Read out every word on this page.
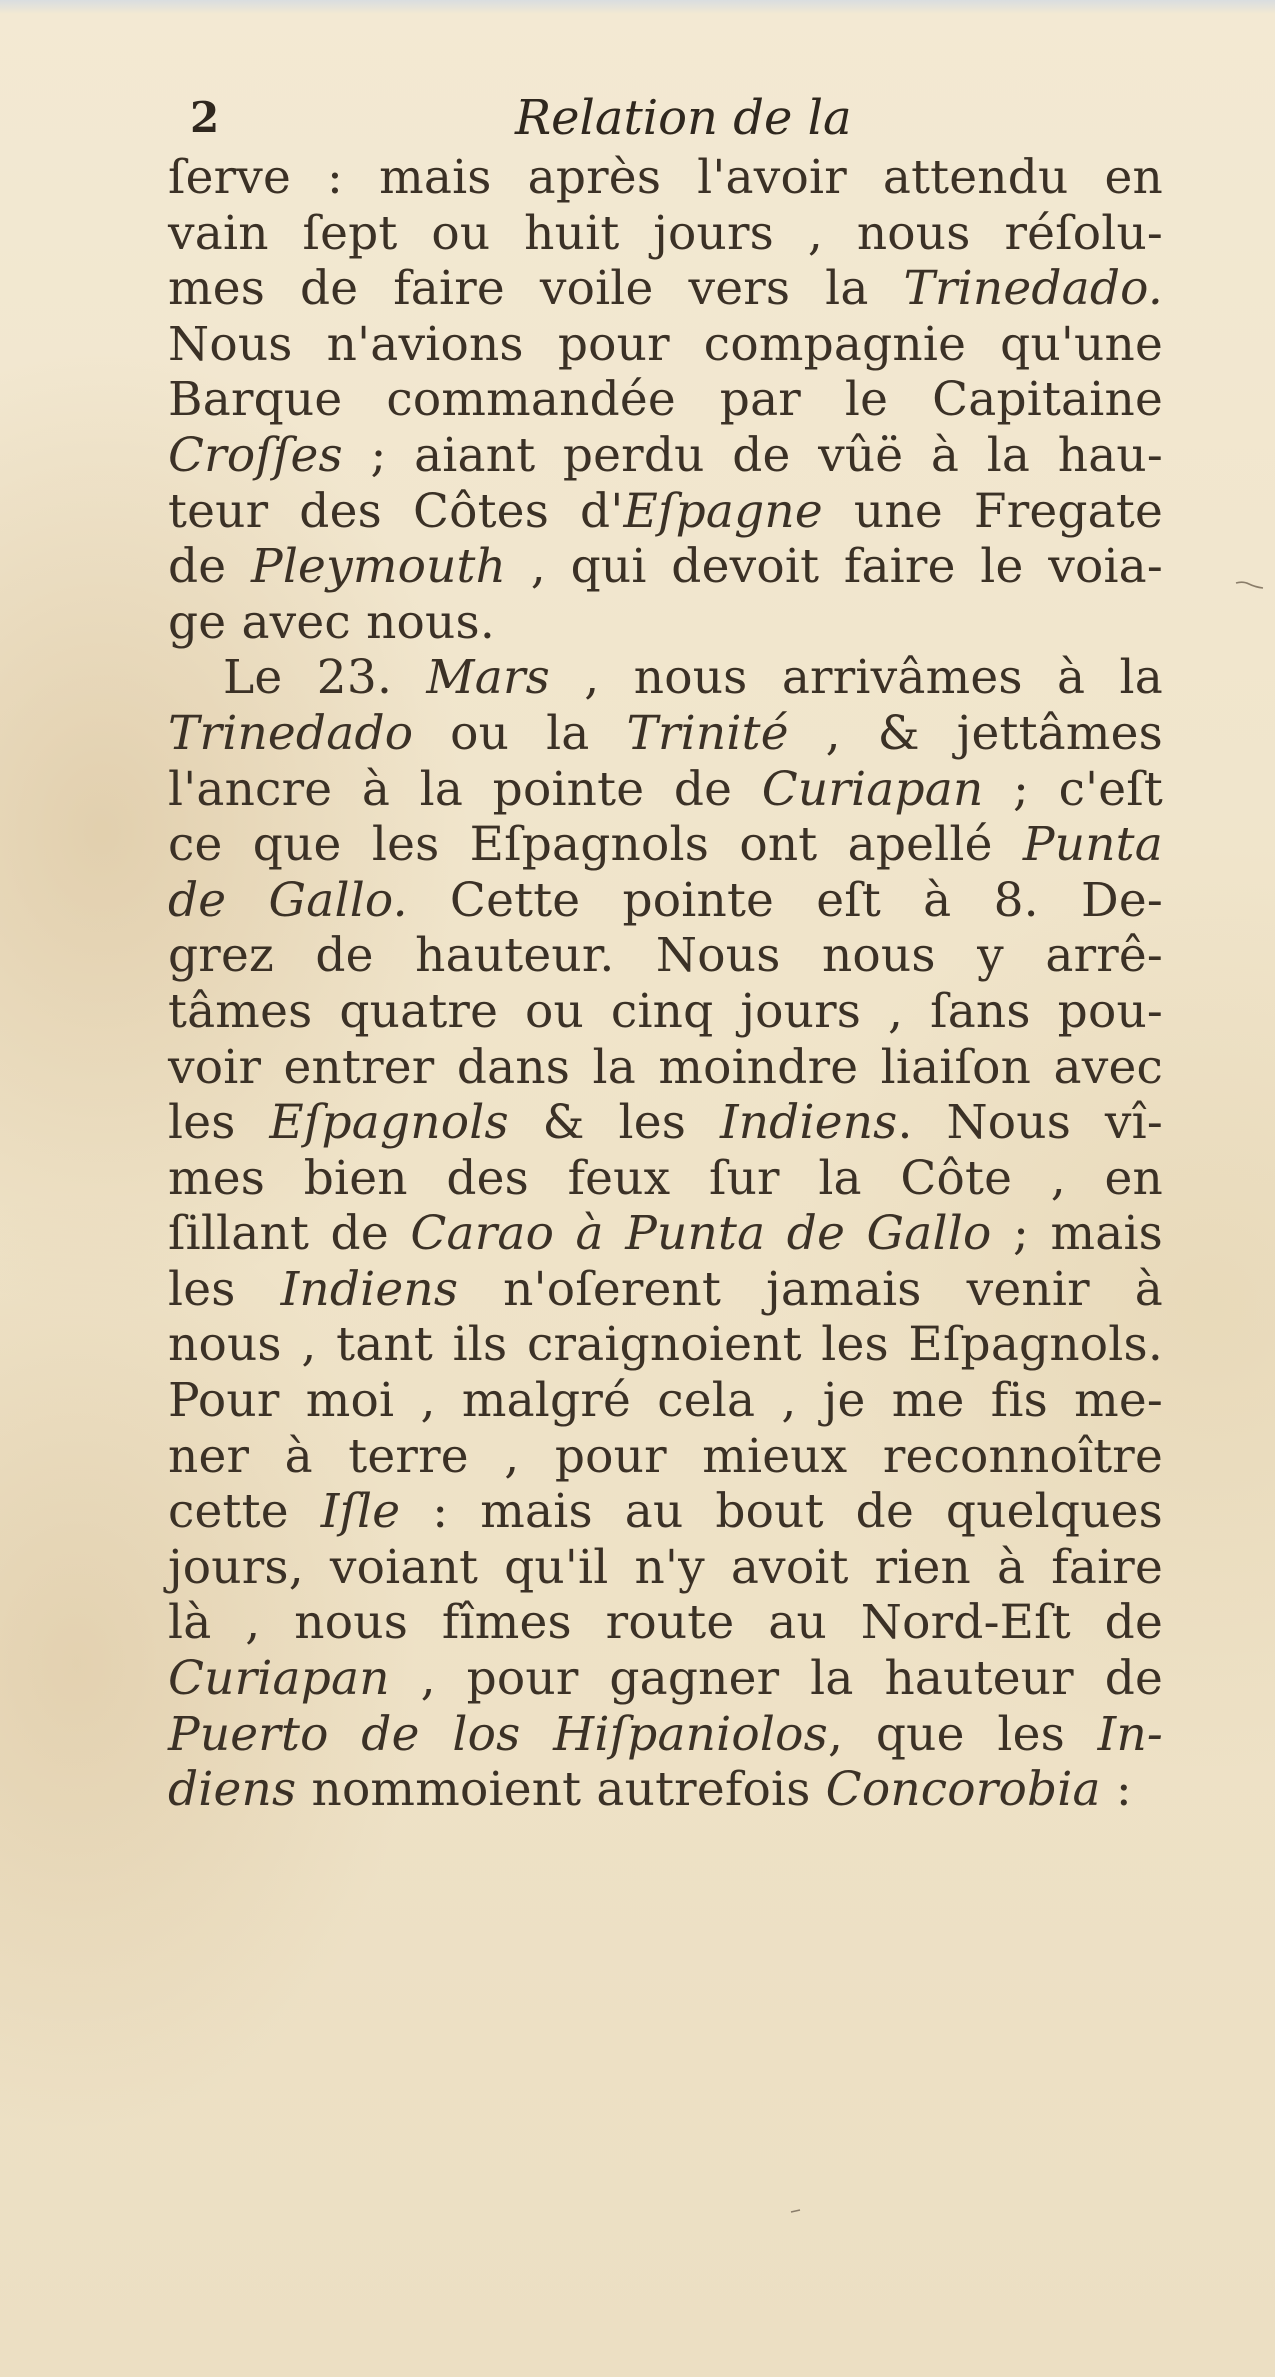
2	Relation de la
ſerve : mais après l'avoir attendu en
vain ſept ou huit jours , nous réſolu-
mes de faire voile vers la Trinedado.
Nous n'avions pour compagnie qu'une
Barque commandée par le Capitaine
Croſſes ; aiant perdu de vûë à la hau-
teur des Côtes d'Eſpagne une Fregate
de Pleymouth , qui devoit faire le voia-
ge avec nous.
Le 23. Mars , nous arrivâmes à la
Trinedado ou la Trinité , & jettâmes
l'ancre à la pointe de Curiapan ; c'eſt
ce que les Eſpagnols ont apellé Punta
de Gallo. Cette pointe eſt à 8. De-
grez de hauteur. Nous nous y arrê-
tâmes quatre ou cinq jours , ſans pou-
voir entrer dans la moindre liaiſon avec
les Eſpagnols & les Indiens. Nous vî-
mes bien des feux ſur la Côte , en
ſillant de Carao à Punta de Gallo ; mais
les Indiens n'oſerent jamais venir à
nous , tant ils craignoient les Eſpagnols.
Pour moi , malgré cela , je me fis me-
ner à terre , pour mieux reconnoître
cette Iſle : mais au bout de quelques
jours, voiant qu'il n'y avoit rien à faire
là , nous fîmes route au Nord-Eſt de
Curiapan , pour gagner la hauteur de
Puerto de los Hiſpaniolos, que les In-
diens nommoient autrefois Concorobia :
